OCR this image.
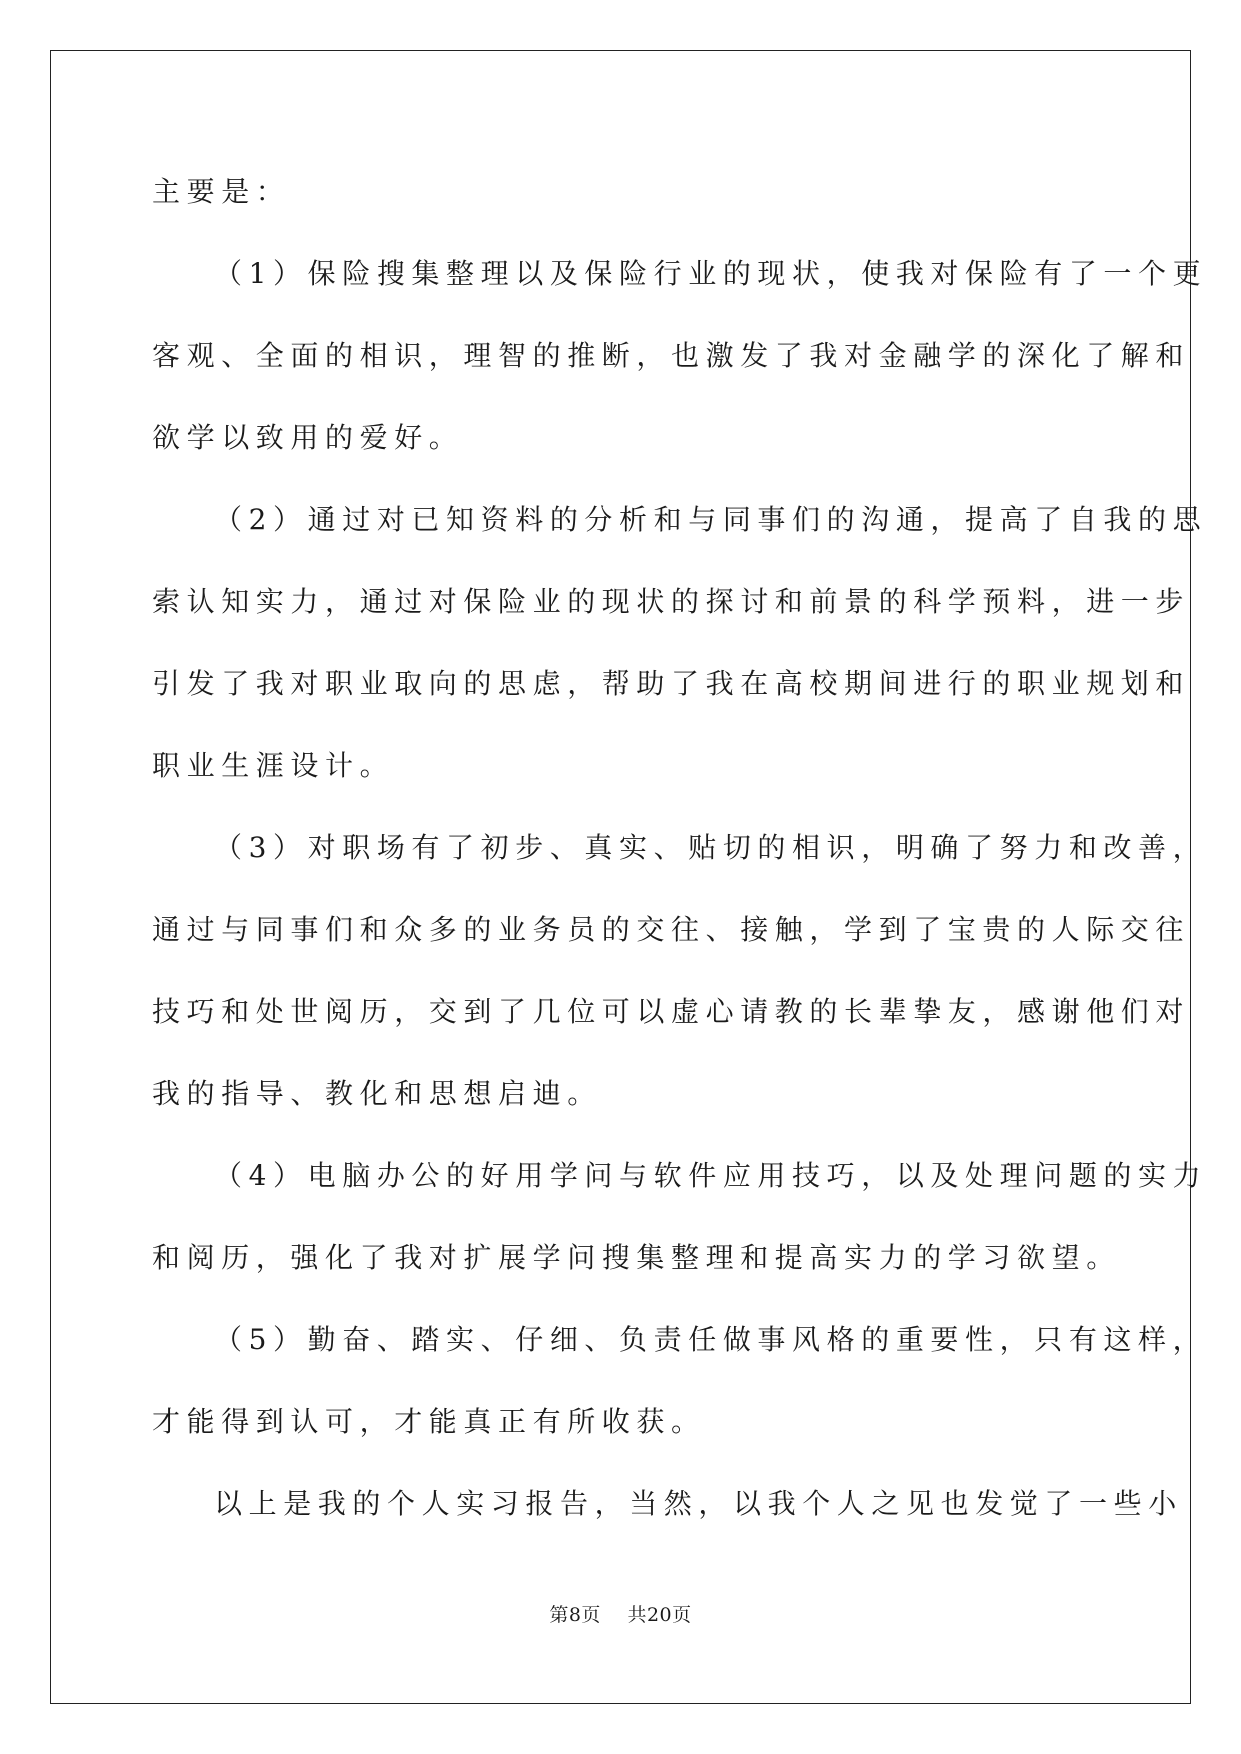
主要是：
（1）保险搜集整理以及保险行业的现状，使我对保险有了一个更
客观、全面的相识，理智的推断，也激发了我对金融学的深化了解和
欲学以致用的爱好。
（2）通过对已知资料的分析和与同事们的沟通，提高了自我的思
索认知实力，通过对保险业的现状的探讨和前景的科学预料，进一步
引发了我对职业取向的思虑，帮助了我在高校期间进行的职业规划和
职业生涯设计。
（3）对职场有了初步、真实、贴切的相识，明确了努力和改善，
通过与同事们和众多的业务员的交往、接触，学到了宝贵的人际交往
技巧和处世阅历，交到了几位可以虚心请教的长辈挚友，感谢他们对
我的指导、教化和思想启迪。
（4）电脑办公的好用学问与软件应用技巧，以及处理问题的实力
和阅历，强化了我对扩展学问搜集整理和提高实力的学习欲望。
（5）勤奋、踏实、仔细、负责任做事风格的重要性，只有这样，
才能得到认可，才能真正有所收获。
以上是我的个人实习报告，当然，以我个人之见也发觉了一些小
第8页 共20页
